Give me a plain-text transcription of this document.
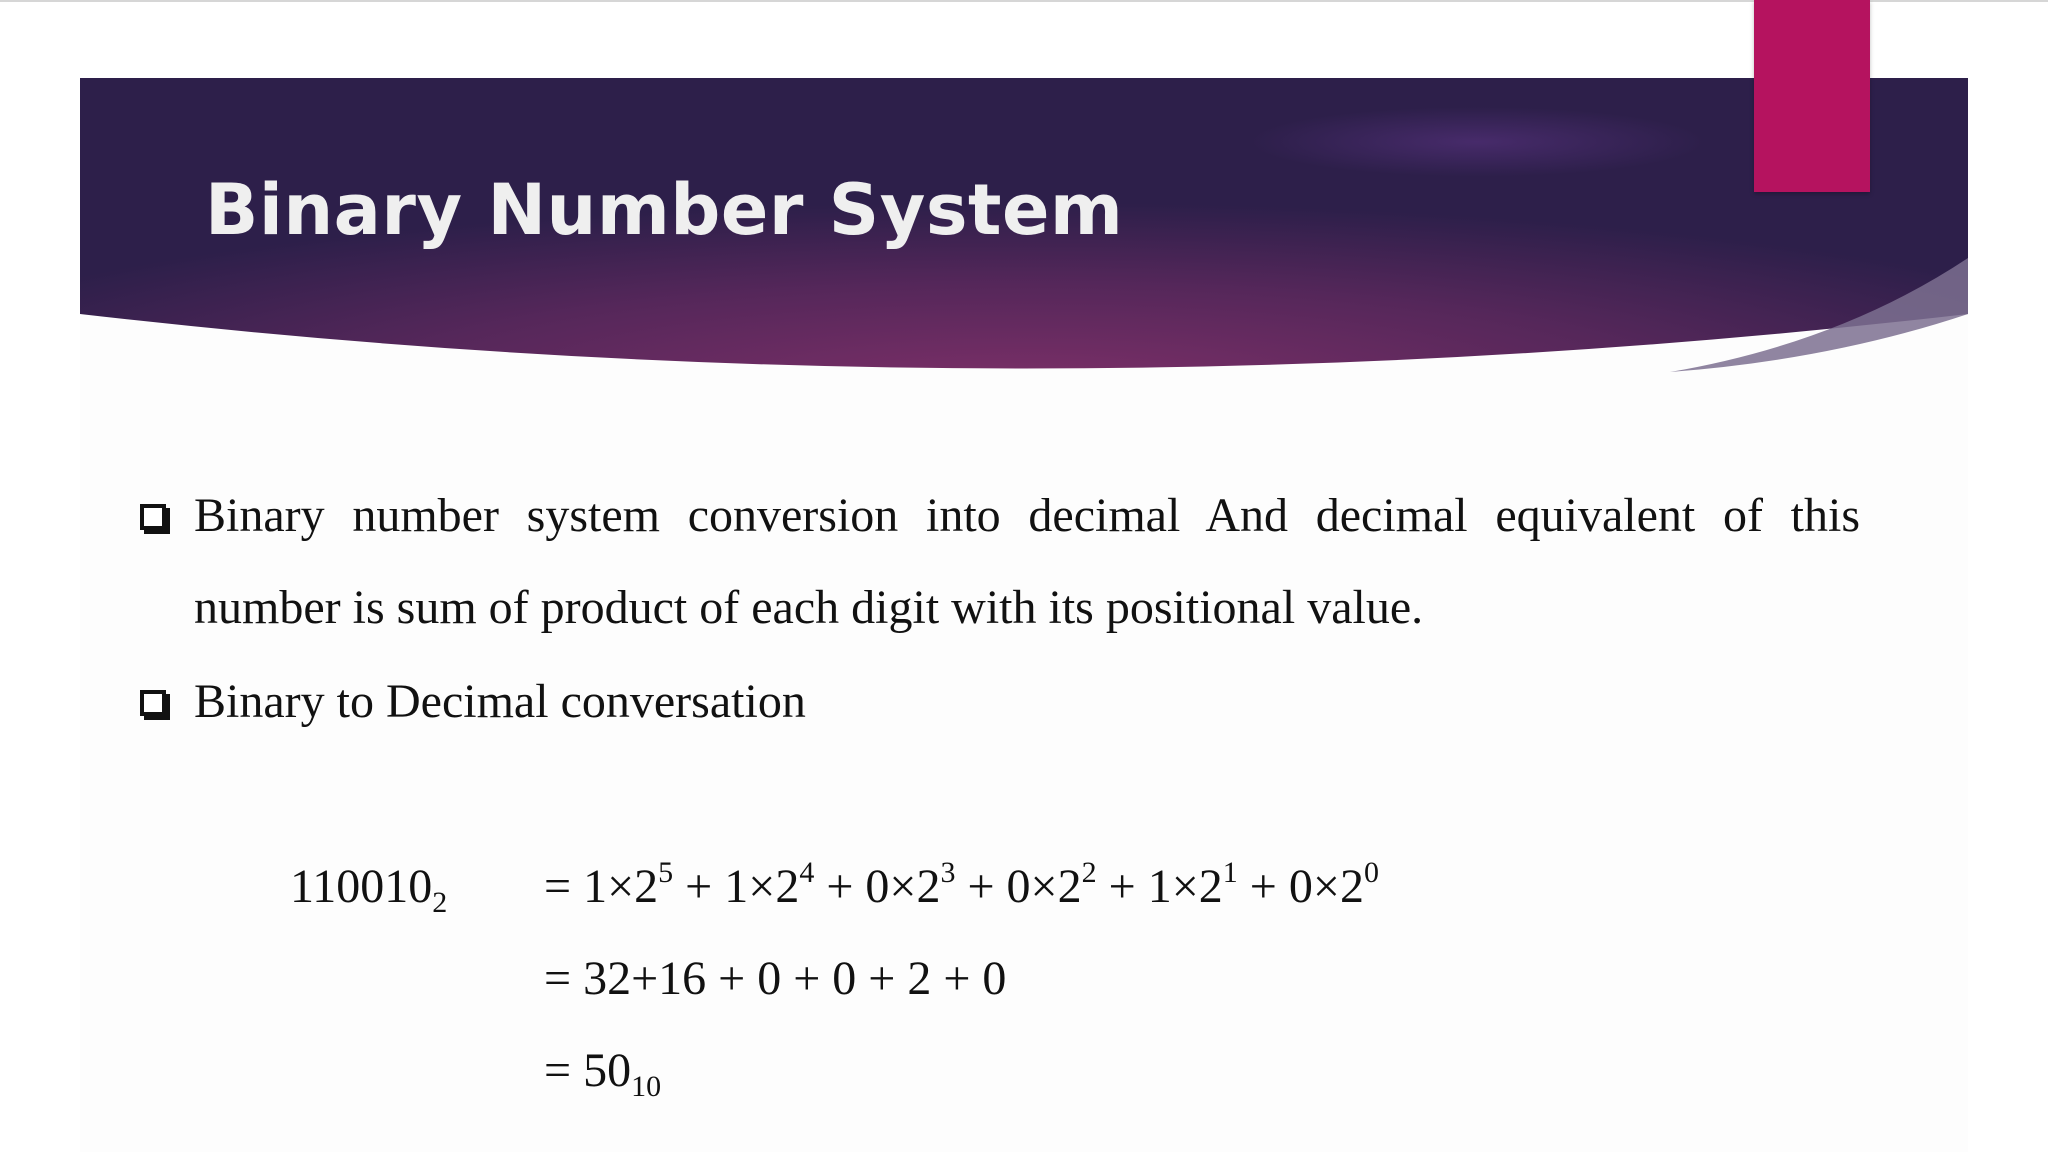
Binary Number System
Binary number system conversion into decimal And decimal equivalent of this number is sum of product of each digit with its positional value.
Binary to Decimal conversation
$110010_2 = 1\times 2^5 + 1\times 2^4 + 0\times 2^3 + 0\times 2^2 + 1\times 2^1 + 0\times 2^0$
= 32+16 + 0 + 0 + 2 + 0
= $50_{10}$
